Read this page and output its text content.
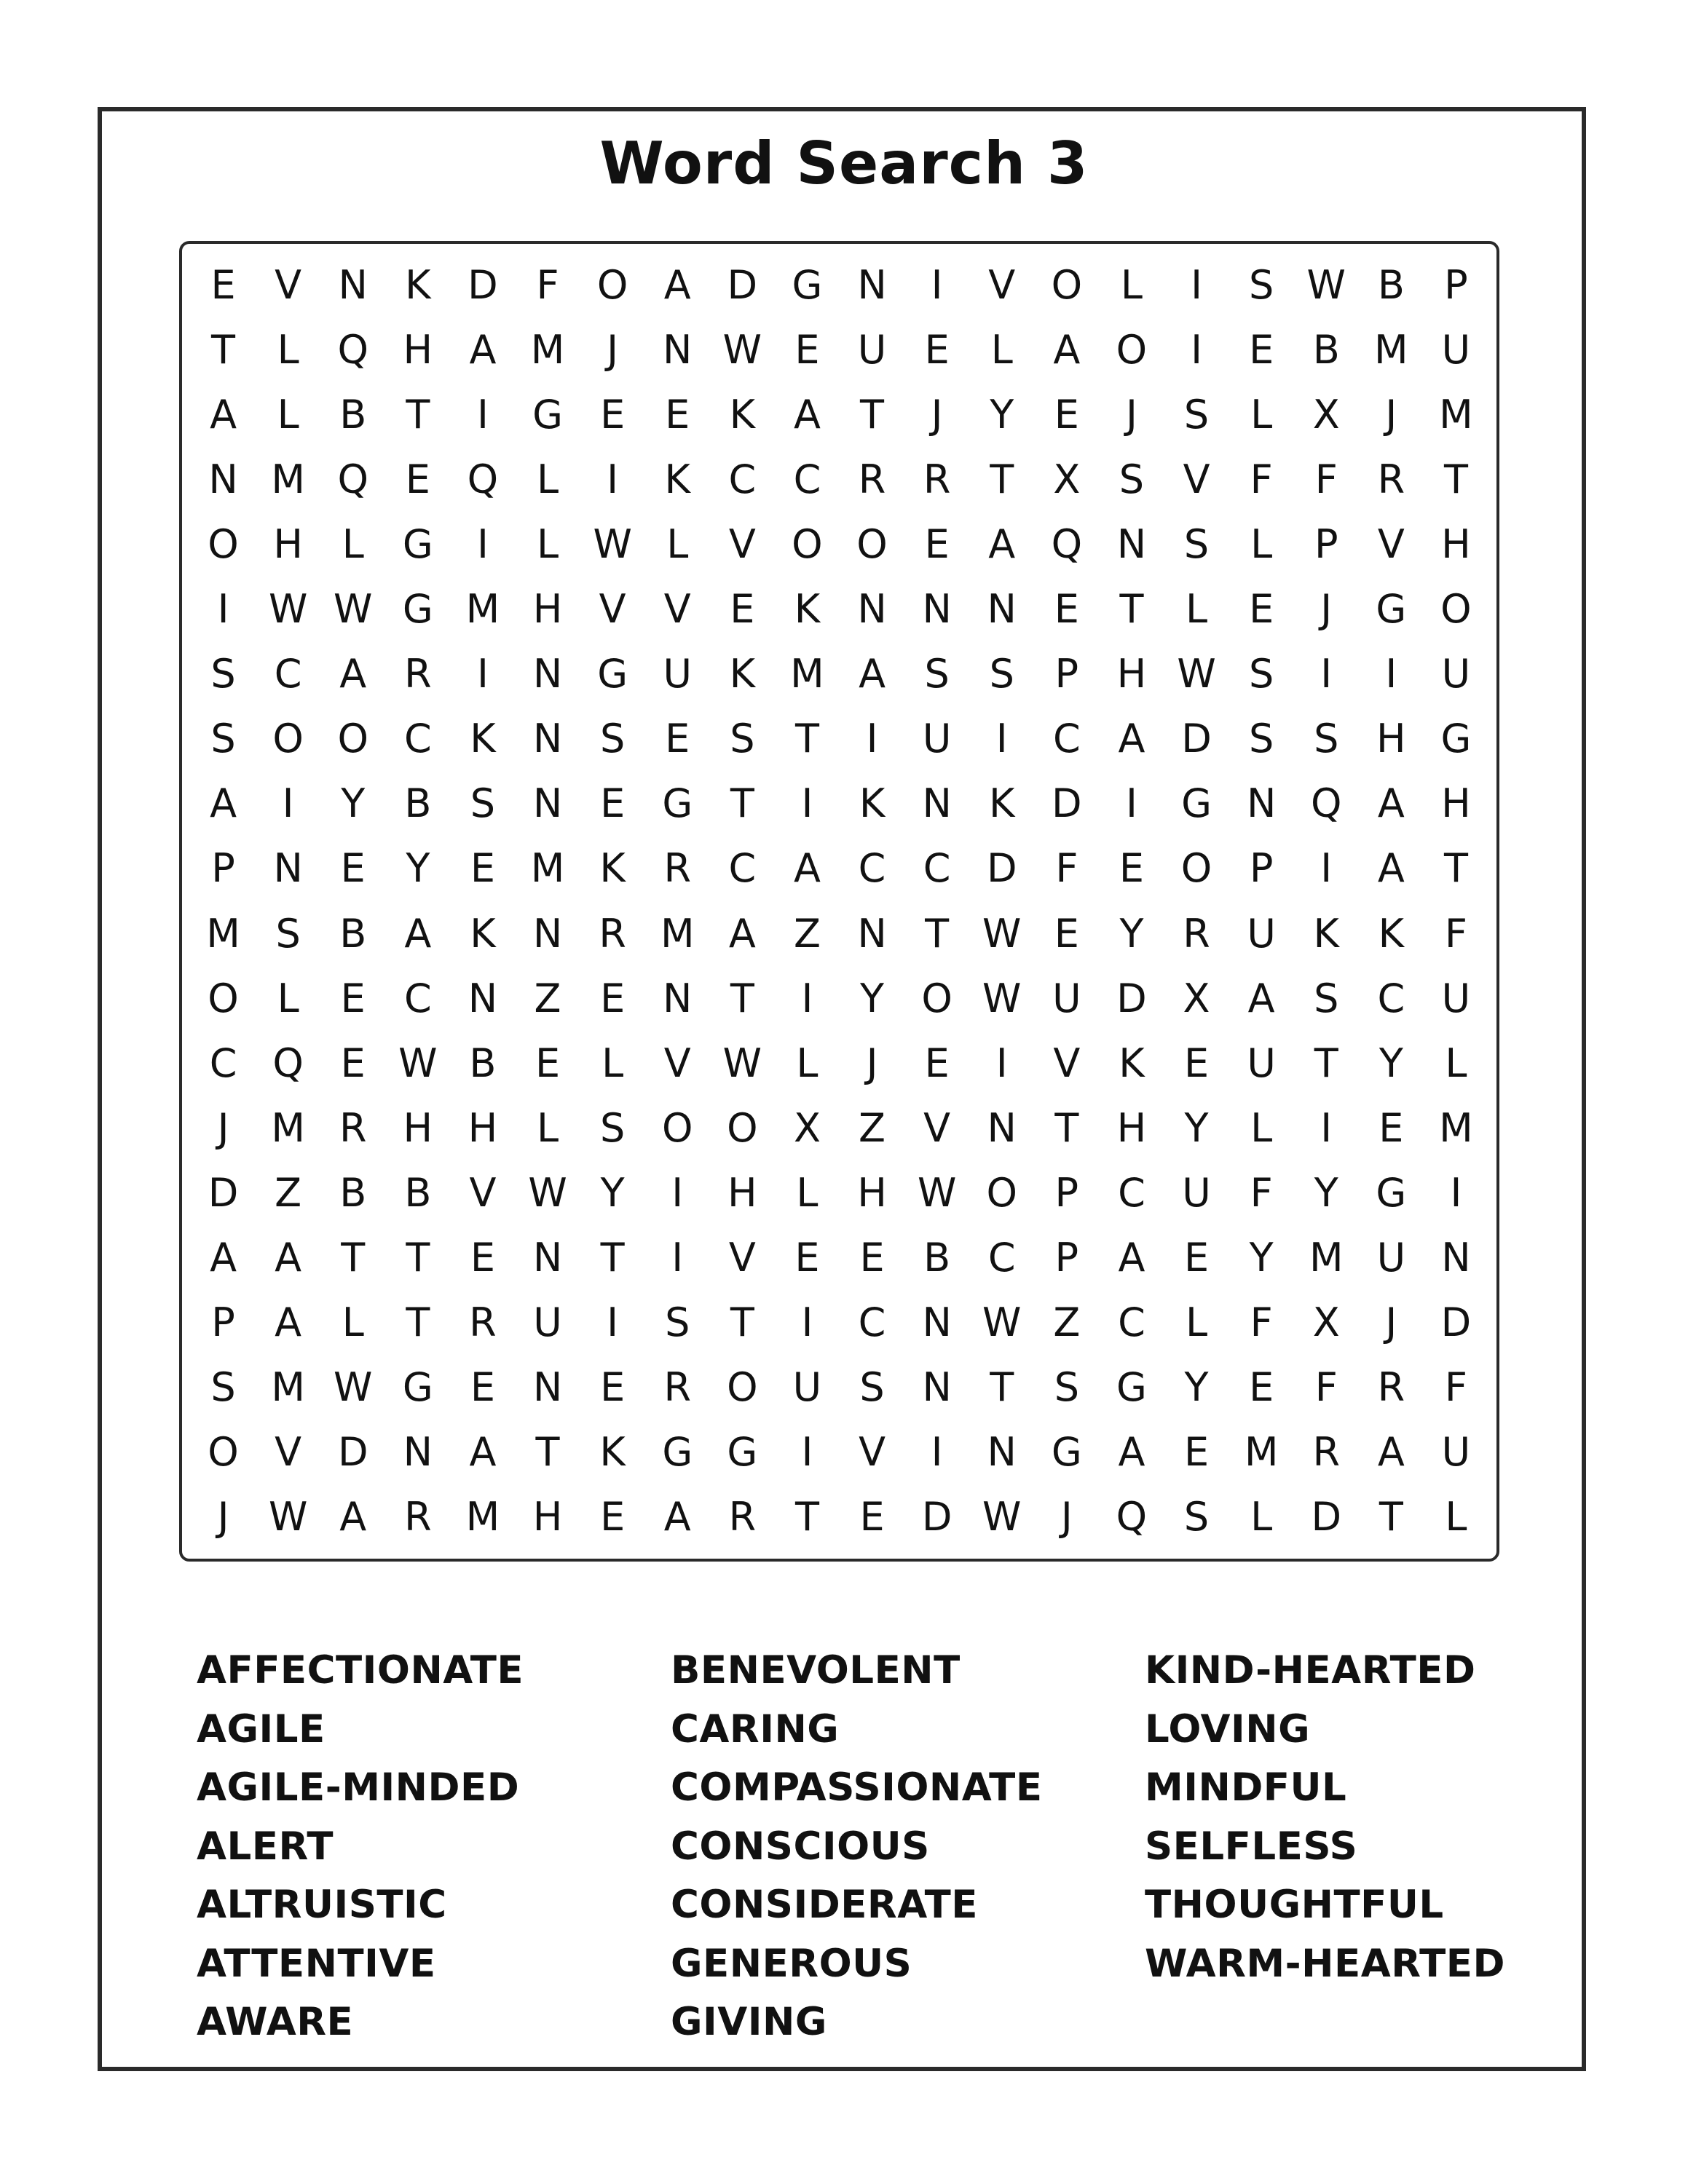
Word Search 3
E V N K D F O A D G N	I	V O L	I	S W B	P
T	L Q H A M	J	N W E U E	L	A O	I	E B M U
A	L	B	T	I	G E	E	K A	T	J	Y	E	J	S	L	X	J	M
N M Q E Q L	I	K C C R R T	X S V	F	F	R T
O H L G	I	L W L	V O O E A Q N S	L	P	V H
I	W W G M H V V E	K N N N E	T	L	E	J	G O
S C A R	I	N G U K M A S	S	P H W S	I	I	U
S O O C K N S	E	S	T	I	U	I	C A D S	S H G
A	I	Y	B S N E G T	I	K N K D	I	G N Q A H
P N E	Y	E M K R C A C C D F	E O P	I	A	T
M S B A K N R M A Z N T W E	Y R U K K	F
O L	E C N Z E N T	I	Y O W U D X A S C U
C Q E W B E	L	V W L	J	E	I	V K	E U T	Y	L
J	M R H H L	S O O X Z V N T H Y	L	I	E M
D Z B B V W Y	I	H L H W O P C U F	Y G	I
A A	T	T	E N T	I	V E	E B C P	A E	Y M U N
P	A	L	T R U	I	S	T	I	C N W Z C	L	F	X	J	D
S M W G E N E R O U S N T	S G Y	E	F	R	F
O V D N A	T	K G G	I	V	I	N G A E M R A U
J	W A R M H E A R T	E D W	J	Q S	L D T	L
AFFECTIONATE
AGILE
AGILE-MINDED
ALERT
ALTRUISTIC
ATTENTIVE
AWARE
BENEVOLENT
CARING
COMPASSIONATE
CONSCIOUS
CONSIDERATE
GENEROUS
GIVING
KIND-HEARTED
LOVING
MINDFUL
SELFLESS
THOUGHTFUL
WARM-HEARTED
